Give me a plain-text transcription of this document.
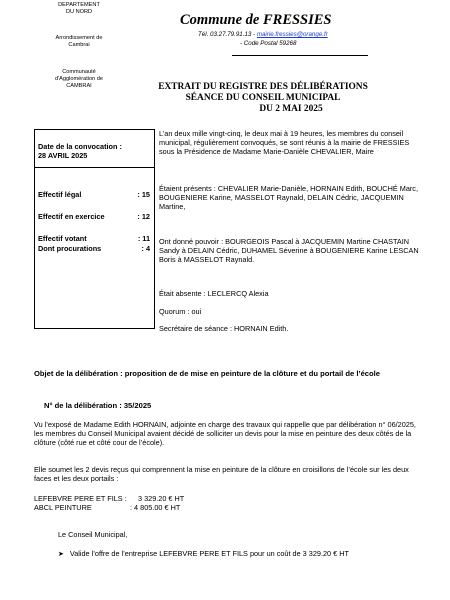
DEPARTEMENT
DU NORD
Arrondissement de
Cambrai
Communauté
d'Agglomération de
CAMBRAI
Commune de FRESSIES
Tél. 03.27.79.91.13 - mairie.fressies@orange.fr
- Code Postal 59268
EXTRAIT DU REGISTRE DES DÉLIBÉRATIONS
SÉANCE DU CONSEIL MUNICIPAL
DU 2 MAI 2025
Date de la convocation :
28 AVRIL 2025
Effectif légal	: 15
Effectif en exercice	: 12
Effectif votant	: 11
Dont procurations	: 4
L’an deux mille vingt-cinq, le deux mai à 19 heures, les membres du conseil municipal, régulièrement convoqués, se sont réunis à la mairie de FRESSIES sous la Présidence de Madame Marie-Danièle CHEVALIER, Maire
Étaient présents : CHEVALIER Marie-Danièle, HORNAIN Edith, BOUCHÉ Marc, BOUGENIERE Karine, MASSELOT Raynald, DELAIN Cédric, JACQUEMIN Martine,
Ont donné pouvoir : BOURGEOIS Pascal à JACQUEMIN Martine CHASTAIN Sandy à DELAIN Cédric, DUHAMEL Séverine à BOUGENIERE Karine LESCAN Boris à MASSELOT Raynald.
Était absente : LECLERCQ Alexia
Quorum : oui
Secrétaire de séance : HORNAIN Edith.
Objet de la délibération : proposition de de mise en peinture de la clôture et du portail de l’école
N° de la délibération : 35/2025
Vu l’exposé de Madame Edith HORNAIN, adjointe en charge des travaux qui rappelle que par délibération n° 06/2025, les membres du Conseil Municipal avaient décidé de solliciter un devis pour la mise en peinture des deux côtés de la clôture (côté rue et côté cour de l’école).
Elle soumet les 2 devis reçus qui comprennent la mise en peinture de la clôture en croisillons de l’école sur les deux faces et les deux portails :
LEFEBVRE PERE ET FILS : 3 329.20 € HT
ABCL PEINTURE	: 4 805.00 € HT
Le Conseil Municipal,
➤ Valide l’offre de l’entreprise LEFEBVRE PERE ET FILS pour un coût de 3 329.20 € HT
